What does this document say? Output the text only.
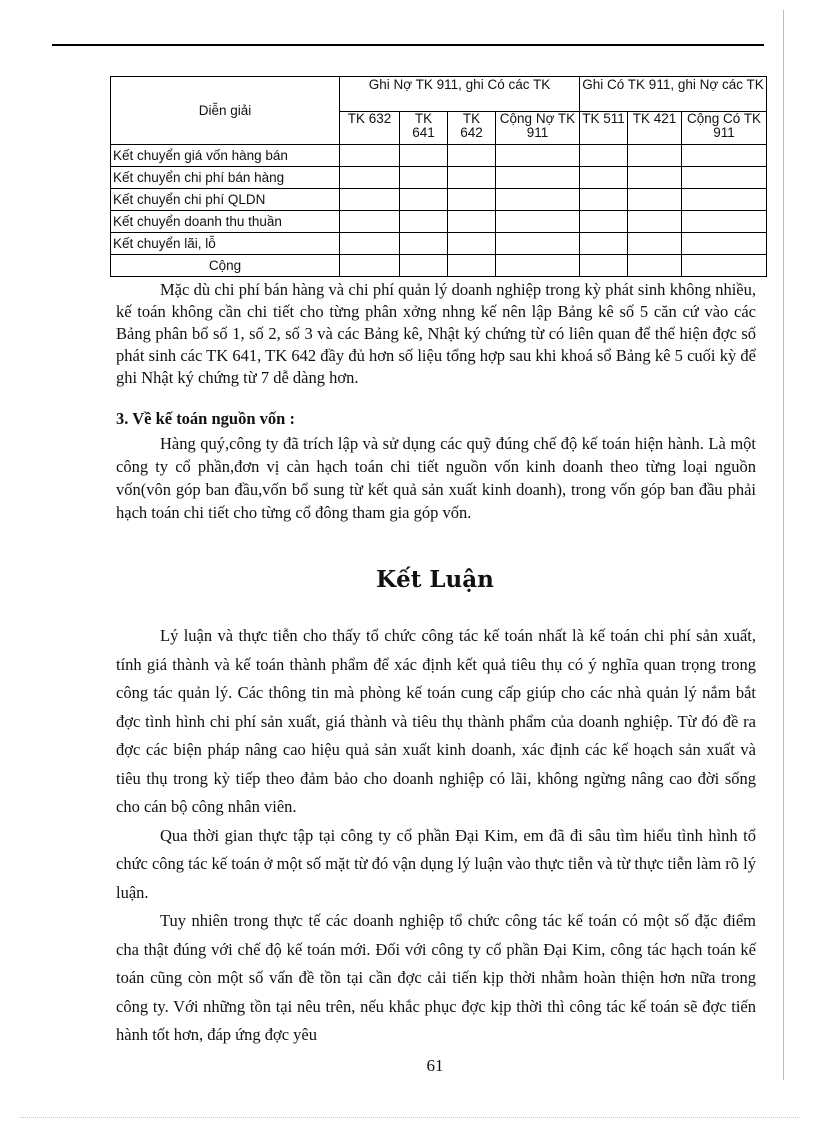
Diễn giải	Ghi Nợ TK 911, ghi Có các TK				Ghi Có TK 911, ghi Nợ các TK		
	TK 632	TK 641	TK 642	Cộng Nợ TK 911	TK 511	TK 421	Cộng Có TK 911
Kết chuyển giá vốn hàng bán							
Kết chuyển chi phí bán hàng							
Kết chuyển chi phí QLDN							
Kết chuyển doanh thu thuần							
Kết chuyển lãi, lỗ							
Cộng							
Mặc dù chi phí bán hàng và chi phí quản lý doanh nghiệp trong kỳ phát sinh không nhiều, kế toán không cần chi tiết cho từng phân xởng nhng kế nên lập Bảng kê số 5 căn cứ vào các Bảng phân bổ số 1, số 2, số 3 và các Bảng kê, Nhật ký chứng từ có liên quan để thể hiện đợc số phát sinh các TK 641, TK 642 đầy đủ hơn số liệu tổng hợp sau khi khoá sổ Bảng kê 5 cuối kỳ để ghi Nhật ký chứng từ 7 dễ dàng hơn.
3. Về kế toán nguồn vốn :
Hàng quý,công ty đã trích lập và sử dụng các quỹ đúng chế độ kế toán hiện hành. Là một công ty cổ phần,đơn vị càn hạch toán chi tiết nguồn vốn kinh doanh theo từng loại nguồn vốn(vôn góp ban đầu,vốn bổ sung từ kết quả sản xuất kinh doanh), trong vốn góp ban đầu phải hạch toán chi tiết cho từng cổ đông tham gia góp vốn.
Kết Luận

Lý luận và thực tiễn cho thấy tổ chức công tác kế toán nhất là kế toán chi phí sản xuất, tính giá thành và kế toán thành phẩm để xác định kết quả tiêu thụ có ý nghĩa quan trọng trong công tác quản lý. Các thông tin mà phòng kế toán cung cấp giúp cho các nhà quản lý nắm bắt đợc tình hình chi phí sản xuất, giá thành và tiêu thụ thành phẩm của doanh nghiệp. Từ đó đề ra đợc các biện pháp nâng cao hiệu quả sản xuất kinh doanh, xác định các kế hoạch sản xuất và tiêu thụ trong kỳ tiếp theo đảm bảo cho doanh nghiệp có lãi, không ngừng nâng cao đời sống cho cán bộ công nhân viên.

Qua thời gian thực tập tại công ty cổ phần Đại Kim, em đã đi sâu tìm hiểu tình hình tổ chức công tác kế toán ở một số mặt từ đó vận dụng lý luận vào thực tiễn và từ thực tiễn làm rõ lý luận.

Tuy nhiên trong thực tế các doanh nghiệp tổ chức công tác kế toán có một số đặc điểm cha thật đúng với chế độ kế toán mới. Đối với công ty cổ phần Đại Kim, công tác hạch toán kế toán cũng còn một số vấn đề tồn tại cần đợc cải tiến kịp thời nhằm hoàn thiện hơn nữa trong công ty. Với những tồn tại nêu trên, nếu khắc phục đợc kịp thời thì công tác kế toán sẽ đợc tiến hành tốt hơn, đáp ứng đợc yêu

61
